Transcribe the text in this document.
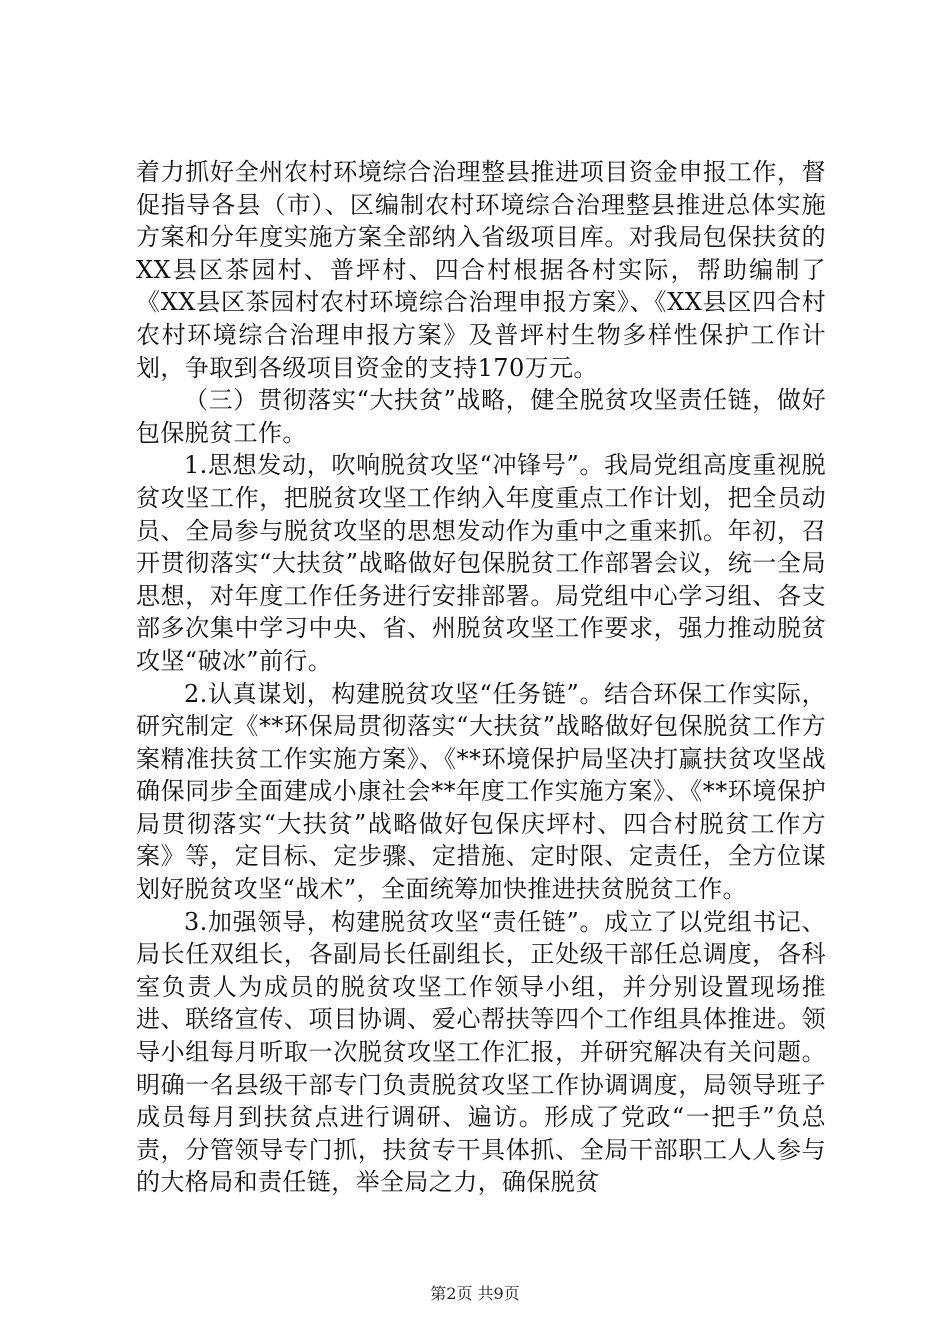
着力抓好全州农村环境综合治理整县推进项目资金申报工作，督促指导各县（市）、区编制农村环境综合治理整县推进总体实施方案和分年度实施方案全部纳入省级项目库。对我局包保扶贫的XX县区茶园村、普坪村、四合村根据各村实际，帮助编制了《XX县区茶园村农村环境综合治理申报方案》、《XX县区四合村农村环境综合治理申报方案》及普坪村生物多样性保护工作计划，争取到各级项目资金的支持170万元。

（三）贯彻落实“大扶贫”战略，健全脱贫攻坚责任链，做好包保脱贫工作。

1.思想发动，吹响脱贫攻坚“冲锋号”。我局党组高度重视脱贫攻坚工作，把脱贫攻坚工作纳入年度重点工作计划，把全员动员、全局参与脱贫攻坚的思想发动作为重中之重来抓。年初，召开贯彻落实“大扶贫”战略做好包保脱贫工作部署会议，统一全局思想，对年度工作任务进行安排部署。局党组中心学习组、各支部多次集中学习中央、省、州脱贫攻坚工作要求，强力推动脱贫攻坚“破冰”前行。

2.认真谋划，构建脱贫攻坚“任务链”。结合环保工作实际，研究制定《**环保局贯彻落实“大扶贫”战略做好包保脱贫工作方案精准扶贫工作实施方案》、《**环境保护局坚决打赢扶贫攻坚战确保同步全面建成小康社会**年度工作实施方案》、《**环境保护局贯彻落实“大扶贫”战略做好包保庆坪村、四合村脱贫工作方案》等，定目标、定步骤、定措施、定时限、定责任，全方位谋划好脱贫攻坚“战术”，全面统筹加快推进扶贫脱贫工作。

3.加强领导，构建脱贫攻坚“责任链”。成立了以党组书记、局长任双组长，各副局长任副组长，正处级干部任总调度，各科室负责人为成员的脱贫攻坚工作领导小组，并分别设置现场推进、联络宣传、项目协调、爱心帮扶等四个工作组具体推进。领导小组每月听取一次脱贫攻坚工作汇报，并研究解决有关问题。明确一名县级干部专门负责脱贫攻坚工作协调调度，局领导班子成员每月到扶贫点进行调研、遍访。形成了党政“一把手”负总责，分管领导专门抓，扶贫专干具体抓、全局干部职工人人参与的大格局和责任链，举全局之力，确保脱贫

第2页 共9页
